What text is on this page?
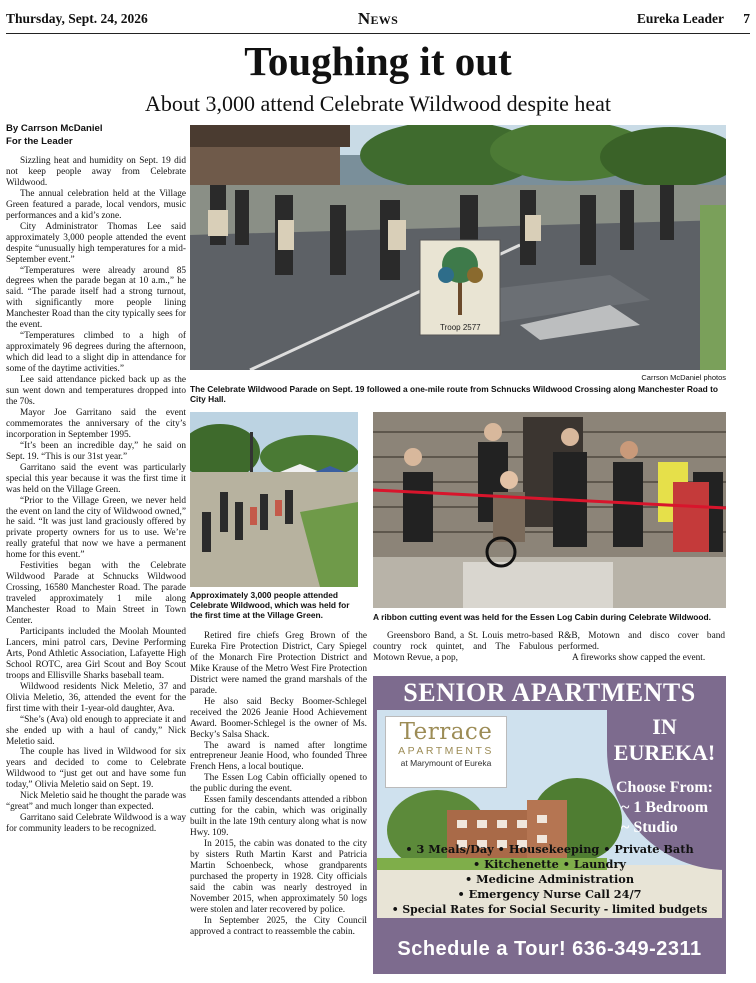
Thursday, Sept. 24, 2026	News	Eureka Leader 7
Toughing it out
About 3,000 attend Celebrate Wildwood despite heat
By Carrson McDaniel
For the Leader

Sizzling heat and humidity on Sept. 19 did not keep people away from Celebrate Wildwood.

The annual celebration held at the Village Green featured a parade, local vendors, music performances and a kid’s zone.

City Administrator Thomas Lee said approximately 3,000 people attended the event despite “unusually high temperatures for a mid-September event.”

“Temperatures were already around 85 degrees when the parade began at 10 a.m.,” he said. “The parade itself had a strong turnout, with significantly more people lining Manchester Road than the city typically sees for the event.

“Temperatures climbed to a high of approximately 96 degrees during the afternoon, which did lead to a slight dip in attendance for some of the daytime activities.”

Lee said attendance picked back up as the sun went down and temperatures dropped into the 70s.

Mayor Joe Garritano said the event commemorates the anniversary of the city’s incorporation in September 1995.

“It’s been an incredible day,” he said on Sept. 19. “This is our 31st year.”

Garritano said the event was particularly special this year because it was the first time it was held on the Village Green.

“Prior to the Village Green, we never held the event on land the city of Wildwood owned,” he said. “It was just land graciously offered by private property owners for us to use. We’re really grateful that now we have a permanent home for this event.”

Festivities began with the Celebrate Wildwood Parade at Schnucks Wildwood Crossing, 16580 Manchester Road. The parade traveled approximately 1 mile along Manchester Road to Main Street in Town Center.

Participants included the Moolah Mounted Lancers, mini patrol cars, Devine Performing Arts, Pond Athletic Association, Lafayette High School ROTC, area Girl Scout and Boy Scout troops and Ellisville Sharks baseball team.

Wildwood residents Nick Meletio, 37 and Olivia Meletio, 36, attended the event for the first time with their 1-year-old daughter, Ava.

“She’s (Ava) old enough to appreciate it and she ended up with a haul of candy,” Nick Meletio said.

The couple has lived in Wildwood for six years and decided to come to Celebrate Wildwood to “just get out and have some fun today,” Olivia Meletio said on Sept. 19.

Nick Meletio said he thought the parade was “great” and much longer than expected.

Garritano said Celebrate Wildwood is a way for community leaders to be recognized.

Retired fire chiefs Greg Brown of the Eureka Fire Protection District, Cary Spiegel of the Monarch Fire Protection District and Mike Krause of the Metro West Fire Protection District were named the grand marshals of the parade.

He also said Becky Boomer-Schlegel received the 2026 Jeanie Hood Achievement Award. Boomer-Schlegel is the owner of Ms. Becky’s Salsa Shack.

The award is named after longtime entrepreneur Jeanie Hood, who founded Three French Hens, a local boutique.

The Essen Log Cabin officially opened to the public during the event.

Essen family descendants attended a ribbon cutting for the cabin, which was originally built in the late 19th century along what is now Hwy. 109.

In 2015, the cabin was donated to the city by sisters Ruth Martin Karst and Patricia Martin Schoenbeck, whose grandparents purchased the property in 1928. City officials said the cabin was nearly destroyed in November 2015, when approximately 50 logs were stolen and later recovered by police.

In September 2025, the City Council approved a contract to reassemble the cabin.

Greensboro Band, a St. Louis metro-based country rock quintet, and The Fabulous Motown Revue, a pop,

R&B, Motown and disco cover band performed.

A fireworks show capped the event.

Troop 2577
Carrson McDaniel photos
The Celebrate Wildwood Parade on Sept. 19 followed a one-mile route from Schnucks Wildwood Crossing along Manchester Road to City Hall.
Approximately 3,000 people attended Celebrate Wildwood, which was held for the first time at the Village Green.	A ribbon cutting event was held for the Essen Log Cabin during Celebrate Wildwood.
SENIOR APARTMENTS
Terrace
APARTMENTS
at Marymount of Eureka
IN
EUREKA!
Choose From:
~ 1 Bedroom
~ Studio
• 3 Meals/Day • Housekeeping • Private Bath
• Kitchenette • Laundry
• Medicine Administration
• Emergency Nurse Call 24/7
• Special Rates for Social Security - limited budgets
Schedule a Tour! 636-349-2311
